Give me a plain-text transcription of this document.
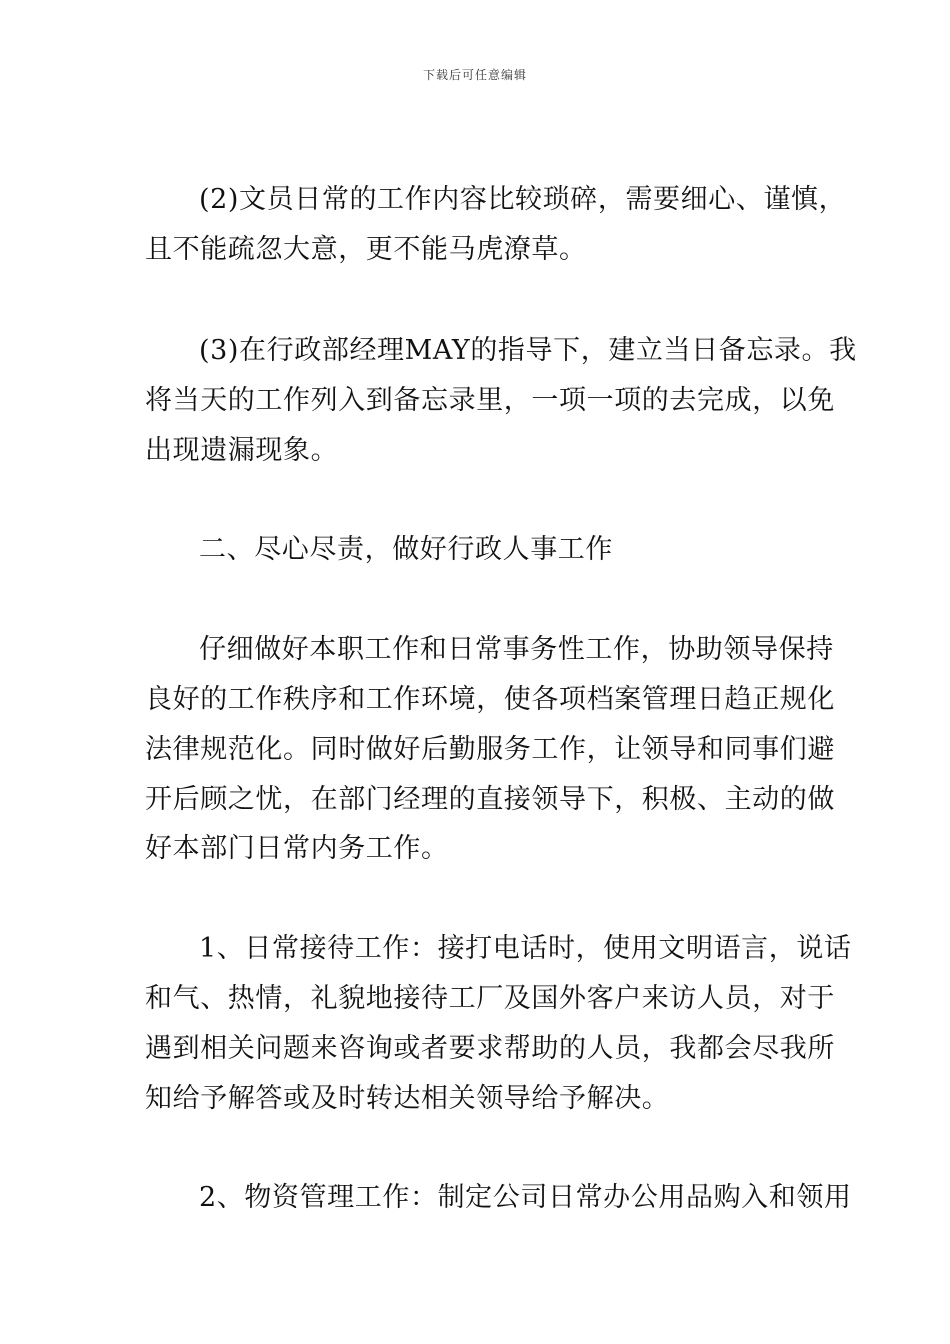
下载后可任意编辑
(2)文员日常的工作内容比较琐碎，需要细心、谨慎，
且不能疏忽大意，更不能马虎潦草。
(3)在行政部经理MAY的指导下，建立当日备忘录。我
将当天的工作列入到备忘录里，一项一项的去完成，以免
出现遗漏现象。
二、尽心尽责，做好行政人事工作
仔细做好本职工作和日常事务性工作，协助领导保持
良好的工作秩序和工作环境，使各项档案管理日趋正规化
法律规范化。同时做好后勤服务工作，让领导和同事们避
开后顾之忧，在部门经理的直接领导下，积极、主动的做
好本部门日常内务工作。
1、日常接待工作：接打电话时，使用文明语言，说话
和气、热情，礼貌地接待工厂及国外客户来访人员，对于
遇到相关问题来咨询或者要求帮助的人员，我都会尽我所
知给予解答或及时转达相关领导给予解决。
2、物资管理工作：制定公司日常办公用品购入和领用
